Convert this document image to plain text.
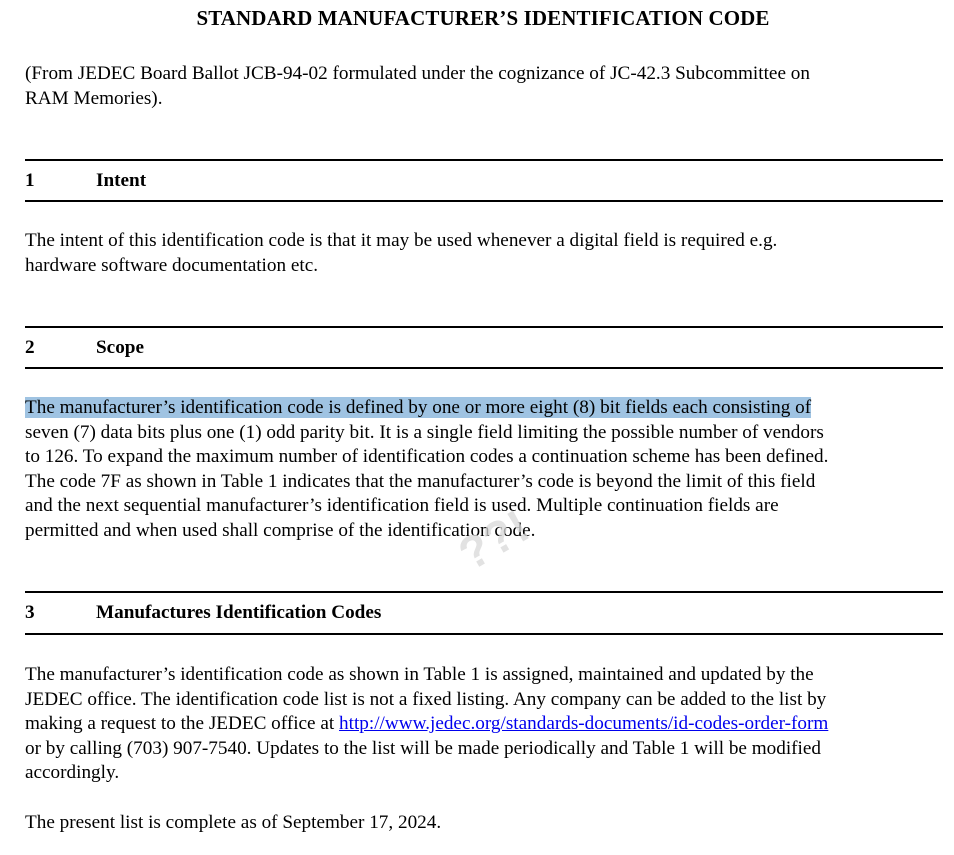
STANDARD MANUFACTURER’S IDENTIFICATION CODE
(From JEDEC Board Ballot JCB-94-02 formulated under the cognizance of JC-42.3 Subcommittee on
RAM Memories).
1	Intent
The intent of this identification code is that it may be used whenever a digital field is required e.g.
hardware software documentation etc.
2	Scope
The manufacturer’s identification code is defined by one or more eight (8) bit fields each consisting of
seven (7) data bits plus one (1) odd parity bit. It is a single field limiting the possible number of vendors
to 126. To expand the maximum number of identification codes a continuation scheme has been defined.
The code 7F as shown in Table 1 indicates that the manufacturer’s code is beyond the limit of this field
and the next sequential manufacturer’s identification field is used. Multiple continuation fields are
permitted and when used shall comprise of the identification code.
??!
3	Manufactures Identification Codes
The manufacturer’s identification code as shown in Table 1 is assigned, maintained and updated by the
JEDEC office. The identification code list is not a fixed listing. Any company can be added to the list by
making a request to the JEDEC office at http://www.jedec.org/standards-documents/id-codes-order-form
or by calling (703) 907-7540. Updates to the list will be made periodically and Table 1 will be modified
accordingly.
The present list is complete as of September 17, 2024.
